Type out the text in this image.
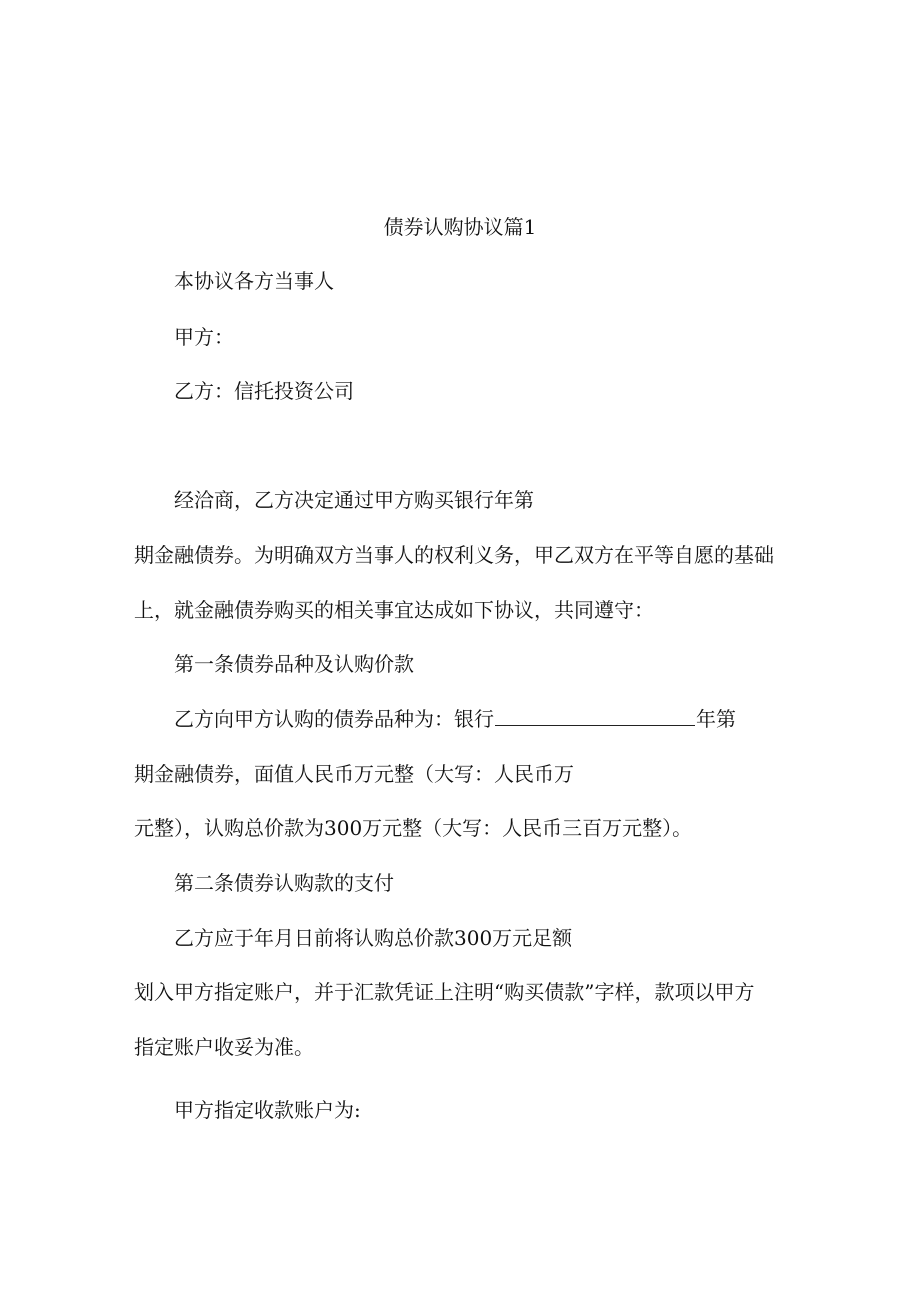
债券认购协议篇1

本协议各方当事人

甲方：

乙方：信托投资公司

经洽商，乙方决定通过甲方购买银行年第

期金融债券。为明确双方当事人的权利义务，甲乙双方在平等自愿的基础

上，就金融债券购买的相关事宜达成如下协议，共同遵守：

第一条债券品种及认购价款

乙方向甲方认购的债券品种为：银行	年第

期金融债券，面值人民币万元整（大写：人民币万

元整），认购总价款为300万元整（大写：人民币三百万元整）。

第二条债券认购款的支付

乙方应于年月日前将认购总价款300万元足额

划入甲方指定账户，并于汇款凭证上注明“购买债款”字样，款项以甲方

指定账户收妥为准。

甲方指定收款账户为:
